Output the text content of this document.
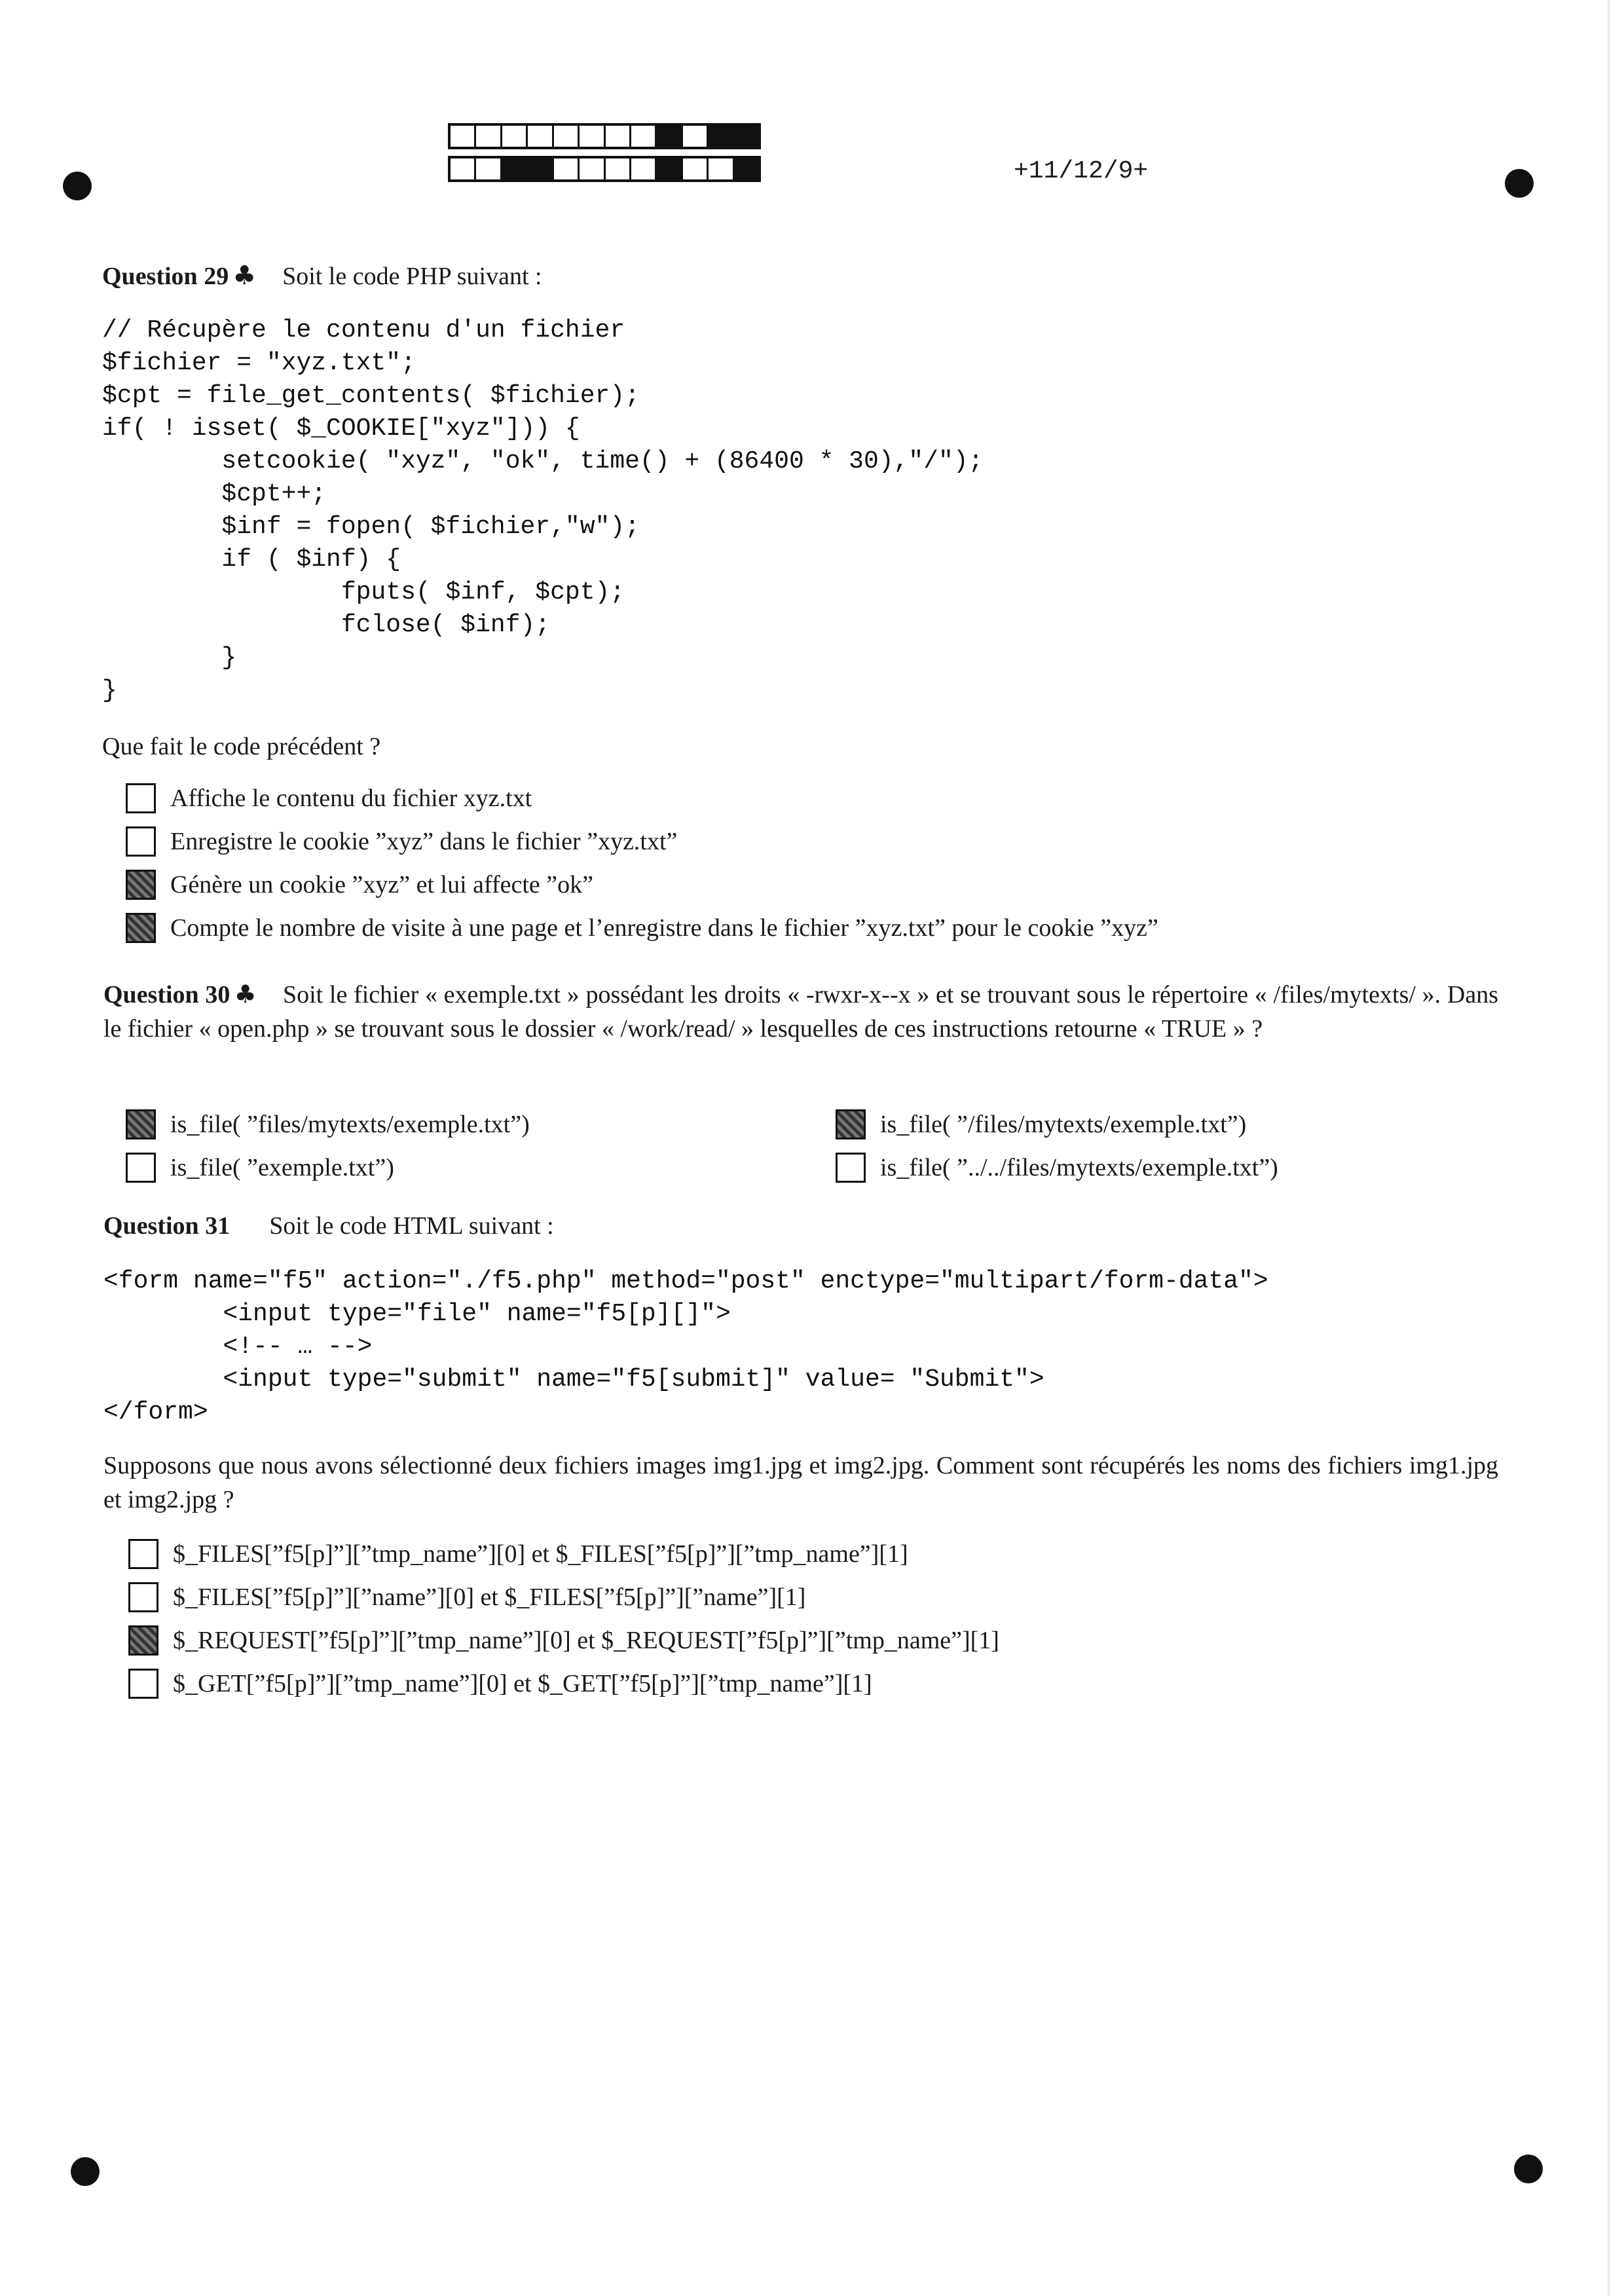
+11/12/9+
Question 29 ♣ Soit le code PHP suivant :
// Récupère le contenu d'un fichier
$fichier = "xyz.txt";
$cpt = file_get_contents( $fichier);
if( ! isset( $_COOKIE["xyz"])) {
setcookie( "xyz", "ok", time() + (86400 * 30),"/");
$cpt++;
$inf = fopen( $fichier,"w");
if ( $inf) {
fputs( $inf, $cpt);
fclose( $inf);
}
}
Que fait le code précédent ?
Affiche le contenu du fichier xyz.txt
Enregistre le cookie ”xyz” dans le fichier ”xyz.txt”
Génère un cookie ”xyz” et lui affecte ”ok”
Compte le nombre de visite à une page et l’enregistre dans le fichier ”xyz.txt” pour le cookie ”xyz”
Question 30 ♣ Soit le fichier « exemple.txt » possédant les droits « -rwxr-x--x » et se trouvant sous le répertoire « /files/mytexts/ ». Dans le fichier « open.php » se trouvant sous le dossier « /work/read/ » lesquelles de ces instructions retourne « TRUE » ?
is_file( ”files/mytexts/exemple.txt”)	is_file( ”/files/mytexts/exemple.txt”)
is_file( ”exemple.txt”)	is_file( ”../../files/mytexts/exemple.txt”)
Question 31 Soit le code HTML suivant :
<form name="f5" action="./f5.php" method="post" enctype="multipart/form-data">
<input type="file" name="f5[p][]">
<!-- … -->
<input type="submit" name="f5[submit]" value= "Submit">
</form>
Supposons que nous avons sélectionné deux fichiers images img1.jpg et img2.jpg. Comment sont récupérés les noms des fichiers img1.jpg et img2.jpg ?
$_FILES[”f5[p]”][”tmp_name”][0] et $_FILES[”f5[p]”][”tmp_name”][1]
$_FILES[”f5[p]”][”name”][0] et $_FILES[”f5[p]”][”name”][1]
$_REQUEST[”f5[p]”][”tmp_name”][0] et $_REQUEST[”f5[p]”][”tmp_name”][1]
$_GET[”f5[p]”][”tmp_name”][0] et $_GET[”f5[p]”][”tmp_name”][1]
